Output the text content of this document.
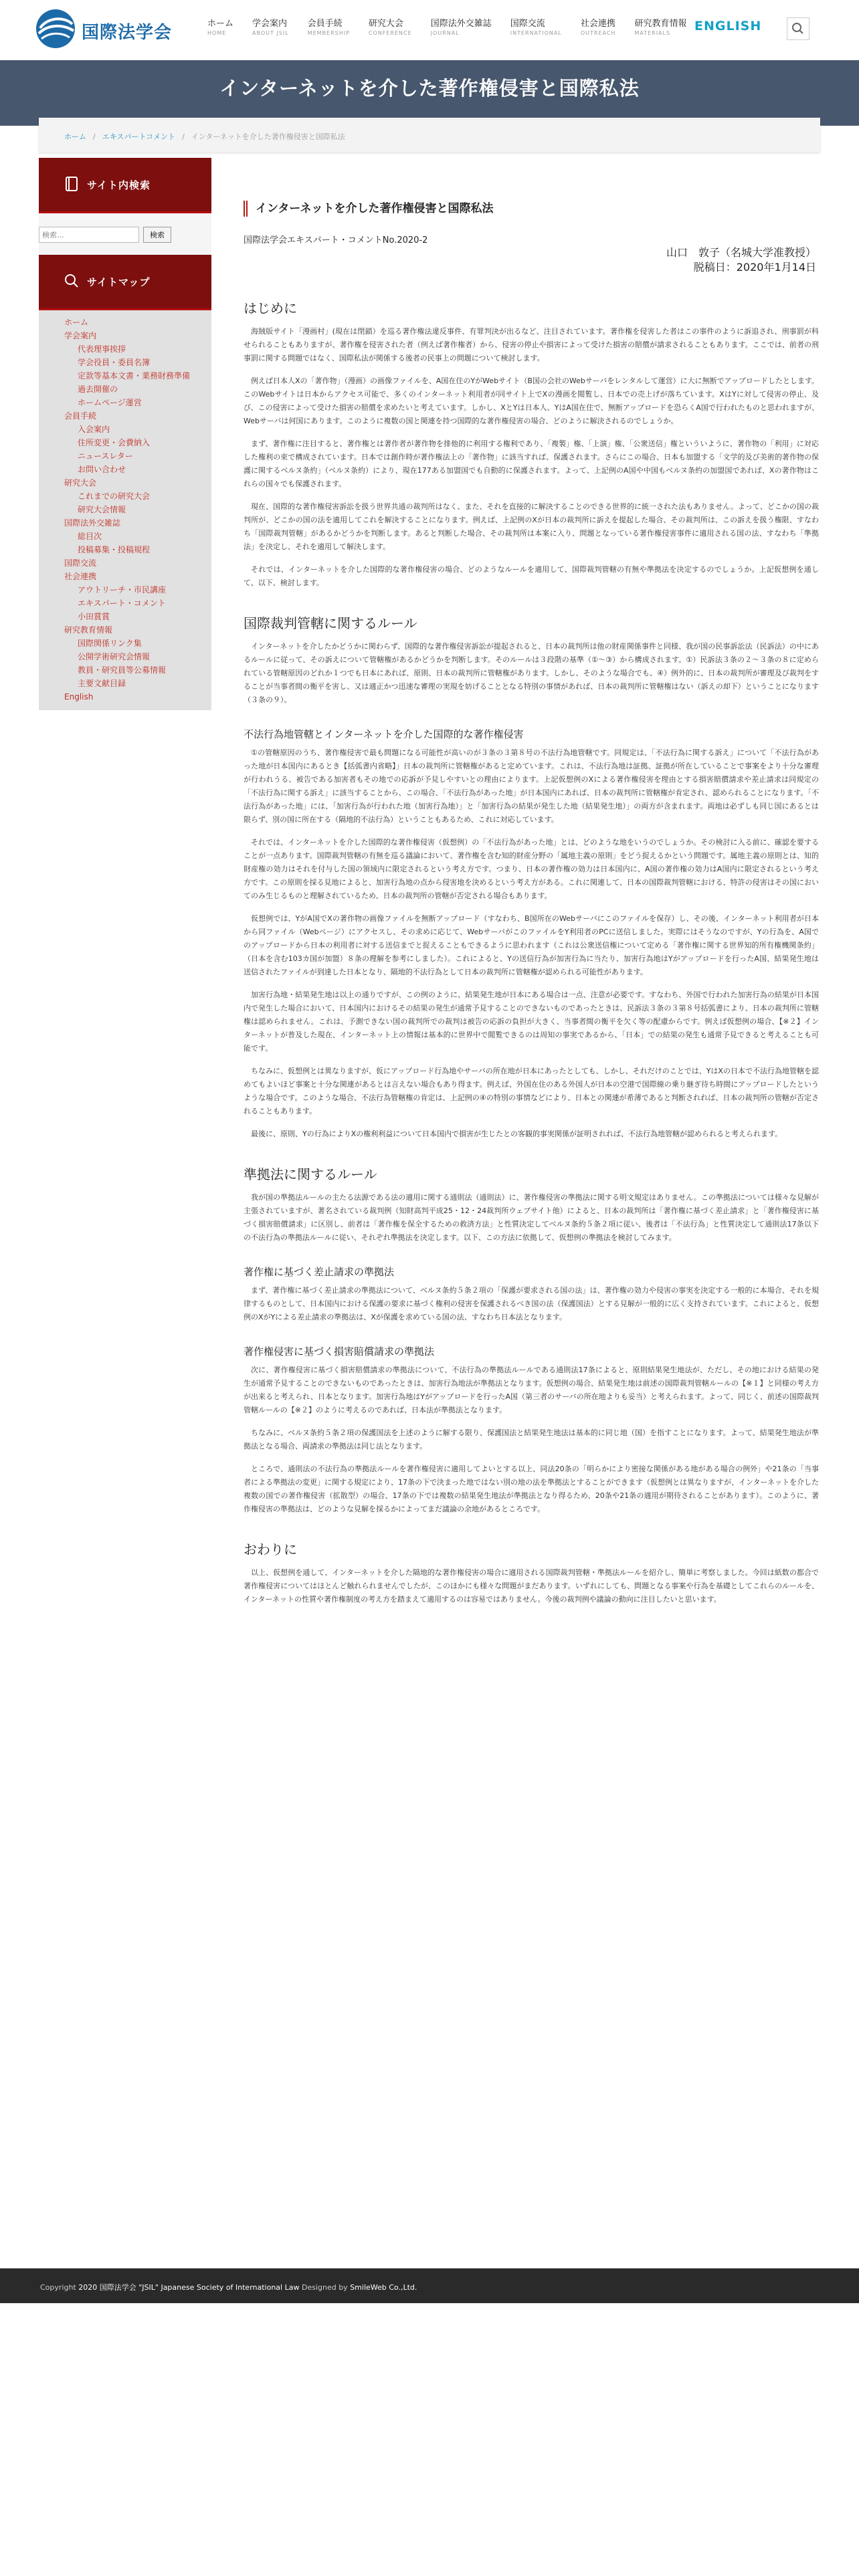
国際法学会	ホーム
HOME
学会案内
ABOUT JSIL
会員手続
MEMBERSHIP
研究大会
CONFERENCE
国際法外交雑誌
JOURNAL
国際交流
INTERNATIONAL
社会連携
OUTREACH
研究教育情報
MATERIALS	ENGLISH
インターネットを介した著作権侵害と国際私法
ホーム / エキスパートコメント / インターネットを介した著作権侵害と国際私法
サイト内検索
検索...
検索
サイトマップ
ホーム
学会案内
代表理事挨拶
学会役員・委員名簿
定款等基本文書・業務財務準備
過去開催の
ホームページ運営
会員手続
入会案内
住所変更・会費納入
ニュースレター
お問い合わせ
研究大会
これまでの研究大会
研究大会情報
国際法外交雑誌
総目次
投稿募集・投稿規程
国際交流
社会連携
アウトリーチ・市民講座
エキスパート・コメント
小田賞賞
研究教育情報
国際関係リンク集
公開学術研究会情報
教員・研究員等公募情報
主要文献目録
English
インターネットを介した著作権侵害と国際私法
国際法学会エキスパート・コメントNo.2020-2
山口　敦子（名城大学准教授）
脱稿日：2020年1月14日
はじめに

海賊版サイト「漫画村」(現在は閉鎖）を巡る著作権法違反事件、有罪判決が出るなど、注目されています。著作権を侵害した者はこの事件のように訴追され、刑事罰が科せられることもありますが、著作権を侵害された者（例えば著作権者）から、侵害の停止や損害によって受けた損害の賠償が請求されることもあります。ここでは、前者の刑事罰に関する問題ではなく、国際私法が関係する後者の民事上の問題について検討します。

例えば日本人Xの「著作物」（漫画）の画像ファイルを、A国在住のYがWebサイト（B国の会社のWebサーバをレンタルして運営）に大に無断でアップロードしたとします。このWebサイトは日本からアクセス可能で、多くのインターネット利用者が同サイト上でXの漫画を閲覧し、日本での売上げが落ちています。XはYに対して侵害の停止、及び、この侵害によって受けた損害の賠償を求めたいと考えています。しかし、XとYは日本人、YはA国在住で、無断アップロードを恐らくA国で行われたものと思われますが、Webサーバは何国にあります。このように複数の国と関連を持つ国際的な著作権侵害の場合、どのように解決されるのでしょうか。

まず、著作権に注目すると、著作権とは著作者が著作物を排他的に利用する権利であり、「複製」権、「上演」権、「公衆送信」権といういように、著作物の「利用」に対応した権利の束で構成されています。日本では創作時が著作権法上の「著作物」に該当すれば、保護されます。さらにこの場合、日本も加盟する「文学的及び美術的著作物の保護に関するベルヌ条約」（ベルヌ条約）により、現在177ある加盟国でも自動的に保護されます。よって、上記例のA国や中国もベルヌ条約の加盟国であれば、Xの著作物はこれらの国々でも保護されます。

現在、国際的な著作権侵害訴訟を扱う世界共通の裁判所はなく、また、それを直接的に解決することのできる世界的に統一された法もありません。よって、どこかの国の裁判所が、どこかの国の法を適用してこれを解決することになります。例えば、上記例のXが日本の裁判所に訴えを提起した場合、その裁判所は、この訴えを扱う権限、すなわち「国際裁判管轄」があるかどうかを判断します。あると判断した場合、その裁判所は本案に入り、問題となっている著作権侵害事件に適用される国の法、すなわち「準拠法」を決定し、それを適用して解決します。

それでは、インターネットを介した国際的な著作権侵害の場合、どのようなルールを適用して、国際裁判管轄の有無や準拠法を決定するのでしょうか。上記仮想例を通して、以下、検討します。

国際裁判管轄に関するルール

インターネットを介したかどうかに関わらず、国際的な著作権侵害訴訟が提起されると、日本の裁判所は他の財産関係事件と同様、我が国の民事訴訟法（民訴法）の中にあるルールに従って、その訴えについて管轄権があるかどうかを判断します。そのルールは３段階の基準（①～③）から構成されます。①）民訴法３条の２～３条の８に定められている管轄原因のどれか１つでも日本にあれば、原則、日本の裁判所に管轄権があります。しかし、そのような場合でも、④）例外的に、日本の裁判所が審理及び裁判をすることが当事者間の衡平を害し、又は適正かつ迅速な審理の実現を妨げることとなる特別の事情があれば、日本の裁判所に管轄権はない（訴えの却下）ということになります（３条の９）。

不法行為地管轄とインターネットを介した国際的な著作権侵害

①の管轄原因のうち、著作権侵害で最も問題になる可能性が高いのが３条の３第８号の不法行為地管轄です。同規定は、「不法行為に関する訴え」について「不法行為があった地が日本国内にあるとき【括弧書内省略】」日本の裁判所に管轄権があると定めています。これは、不法行為地は証拠、証拠が所在していることで事案をより十分な審理が行われうる、被告である加害者もその地での応訴が予見しやすいとの理由によります。上記仮想例のXによる著作権侵害を理由とする損害賠償請求や差止請求は同規定の「不法行為に関する訴え」に該当することから、この場合、「不法行為があった地」が日本国内にあれば、日本の裁判所に管轄権が肯定され、認められることになります。「不法行為があった地」には、「加害行為が行われた地（加害行為地）」と「加害行為の結果が発生した地（結果発生地）」の両方が含まれます。両地は必ずしも同じ国にあるとは限らず、別の国に所在する（隔地的不法行為）ということもあるため、これに対応しています。

それでは、インターネットを介した国際的な著作権侵害（仮想例）の「不法行為があった地」とは、どのような地をいうのでしょうか。その検討に入る前に、確認を要することが一点あります。国際裁判管轄の有無を巡る議論において、著作権を含む知的財産分野の「属地主義の原則」をどう捉えるかという問題です。属地主義の原則とは、知的財産権の効力はそれを付与した国の領域内に限定されるという考え方です。つまり、日本の著作権の効力は日本国内に、A国の著作権の効力はA国内に限定されるという考え方です。この原則を採る見地によると、加害行為地の点から侵害地を決めるという考え方がある。これに関連して、日本の国際裁判管轄における、特許の侵害はその国においてのみ生じるものと理解されているため、日本の裁判所の管轄が否定される場合もあります。

仮想例では、YがA国でXの著作物の画像ファイルを無断アップロード（すなわち、B国所在のWebサーバにこのファイルを保存）し、その後、インターネット利用者が日本から同ファイル（Webページ）にアクセスし、その求めに応じて、WebサーバがこのファイルをY利用者のPCに送信しました。実際にはそうなのですが、Yの行為を、A国でのアップロードから日本の利用者に対する送信までと捉えることもできるように思われます（これは公衆送信権について定める「著作権に関する世界知的所有権機関条約」（日本を含む103カ国が加盟）８条の理解を参考にしました）。これによると、Yの送信行為が加害行為に当たり、加害行為地はYがアップロードを行ったA国、結果発生地は送信されたファイルが到達した日本となり、隔地的不法行為として日本の裁判所に管轄権が認められる可能性があります。

加害行為地・結果発生地は以上の通りですが、この例のように、結果発生地が日本にある場合は一点、注意が必要です。すなわち、外国で行われた加害行為の結果が日本国内で発生した場合において、日本国内におけるその結果の発生が通常予見することのできないものであったときは、民訴法３条の３第８号括弧書により、日本の裁判所に管轄権は認められません。これは、予測できない国の裁判所での裁判は被告の応訴の負担が大きく、当事者間の衡平を欠く等の配慮からです。例えば仮想例の場合、【※２】インターネットが普及した現在、インターネット上の情報は基本的に世界中で閲覧できるのは周知の事実であるから、「日本」での結果の発生も通常予見できると考えることも可能です。

ちなみに、仮想例とは異なりますが、仮にアップロード行為地やサーバの所在地が日本にあったとしても、しかし、それだけのことでは、YはXの日本で不法行為地管轄を認めてもよいほど事案と十分な関連があるとは言えない場合もあり得ます。例えば、外国在住のある外国人が日本の空港で国際線の乗り継ぎ待ち時間にアップロードしたというような場合です。このような場合、不法行為管轄権の肯定は、上記例の④の特別の事情などにより、日本との関連が希薄であると判断されれば、日本の裁判所の管轄が否定されることもあります。

最後に、原則、Yの行為によりXの権利利益について日本国内で損害が生じたとの客観的事実関係が証明されれば、不法行為地管轄が認められると考えられます。

準拠法に関するルール

我が国の準拠法ルールの主たる法源である法の適用に関する通則法（通則法）に、著作権侵害の準拠法に関する明文規定はありません。この準拠法については様々な見解が主張されていますが、著名されている裁判例（知財高判平成25・12・24裁判所ウェブサイト他）によると、日本の裁判所は「著作権に基づく差止請求」と「著作権侵害に基づく損害賠償請求」に区別し、前者は「著作権を保全するための救済方法」と性質決定してベルヌ条約５条２項に従い、後者は「不法行為」と性質決定して通則法17条以下の不法行為の準拠法ルールに従い、それぞれ準拠法を決定します。以下、この方法に依拠して、仮想例の準拠法を検討してみます。

著作権に基づく差止請求の準拠法

まず、著作権に基づく差止請求の準拠法について、ベルヌ条約５条２項の「保護が要求される国の法」は、著作権の効力や侵害の事実を決定する一般的に本場合、それを規律するものとして、日本国内における保護の要求に基づく権利の侵害を保護されるべき国の法（保護国法）とする見解が一般的に広く支持されています。これによると、仮想例のXがYによる差止請求の準拠法は、Xが保護を求めている国の法、すなわち日本法となります。

著作権侵害に基づく損害賠償請求の準拠法

次に、著作権侵害に基づく損害賠償請求の準拠法について、不法行為の準拠法ルールである通則法17条によると、原則結果発生地法が、ただし、その地における結果の発生が通常予見することのできないものであったときは、加害行為地法が準拠法となります。仮想例の場合、結果発生地は前述の国際裁判管轄ルールの【※１】と同様の考え方が出来ると考えられ、日本となります。加害行為地はYがアップロードを行ったA国（第三者のサーバの所在地よりも妥当）と考えられます。よって、同じく、前述の国際裁判管轄ルールの【※２】のように考えるのであれば、日本法が準拠法となります。

ちなみに、ベルヌ条約５条２項の保護国法を上述のように解する限り、保護国法と結果発生地法は基本的に同じ地（国）を指すことになります。よって、結果発生地法が準拠法となる場合、両請求の準拠法は同じ法となります。

ところで、通則法の不法行為の準拠法ルールを著作権侵害に適用してよいとする以上、同法20条の「明らかにより密接な関係がある地がある場合の例外」や21条の「当事者による準拠法の変更」に関する規定により、17条の下で決まった地ではない別の地の法を準拠法とすることができます（仮想例とは異なりますが、インターネットを介した複数の国での著作権侵害（拡散型）の場合、17条の下では複数の結果発生地法が準拠法となり得るため、20条や21条の適用が期待されることがあります）。このように、著作権侵害の準拠法は、どのような見解を採るかによってまだ議論の余地があるところです。

おわりに

以上、仮想例を通して、インターネットを介した隔地的な著作権侵害の場合に適用される国際裁判管轄・準拠法ルールを紹介し、簡単に考察しました。今回は紙数の都合で著作権侵害についてはほとんど触れられませんでしたが、このほかにも様々な問題がまだあります。いずれにしても、問題となる事案や行為を基礎としてこれらのルールを、インターネットの性質や著作権制度の考え方を踏まえて適用するのは容易ではありません。今後の裁判例や議論の動向に注目したいと思います。

Copyright 2020 国際法学会 "JSIL" Japanese Society of International Law Designed by SmileWeb Co.,Ltd.
